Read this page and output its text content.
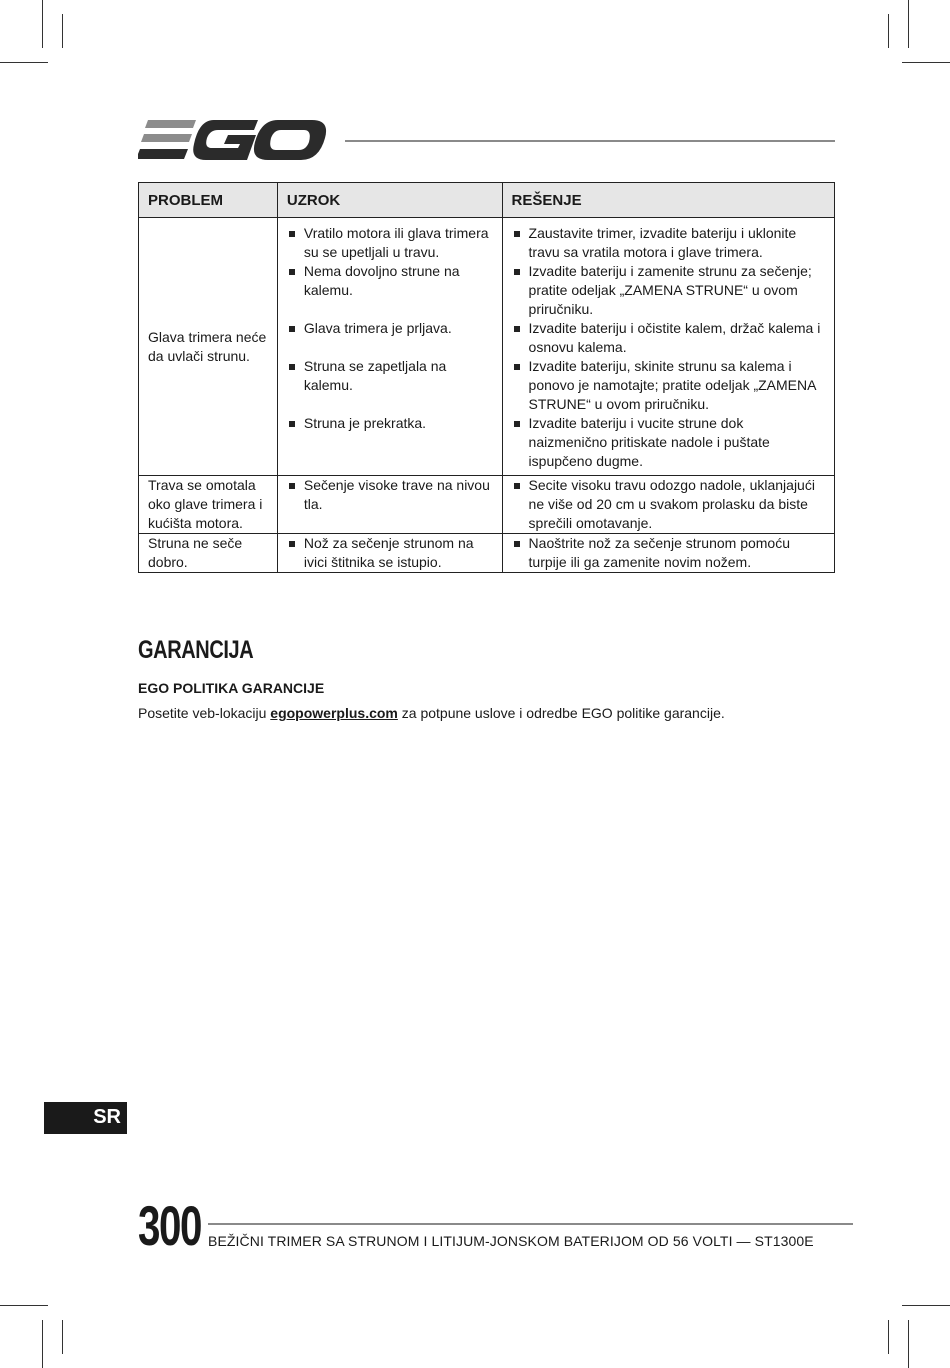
PROBLEM	UZROK	REŠENJE
Glava trimera neće da uvlači strunu.	Vratilo motora ili glava trimera su se upetljali u travu.	Zaustavite trimer, izvadite bateriju i uklonite travu sa vratila motora i glave trimera.

	Nema dovoljno strune na kalemu.	Izvadite bateriju i zamenite strunu za sečenje; pratite odeljak „ZAMENA STRUNE“ u ovom priručniku.

	Glava trimera je prljava.	Izvadite bateriju i očistite kalem, držač kalema i osnovu kalema.

	Struna se zapetljala na kalemu.	Izvadite bateriju, skinite strunu sa kalema i ponovo je namotajte; pratite odeljak „ZAMENA STRUNE“ u ovom priručniku.

	Struna je prekratka.	Izvadite bateriju i vucite strune dok naizmenično pritiskate nadole i puštate ispupčeno dugme.

Trava se omotala oko glave trimera i kućišta motora.	Sečenje visoke trave na nivou tla.	Secite visoku travu odozgo nadole, uklanjajući ne više od 20 cm u svakom prolasku da biste sprečili omotavanje.

Struna ne seče dobro.	Nož za sečenje strunom na ivici štitnika se istupio.	Naoštrite nož za sečenje strunom pomoću turpije ili ga zamenite novim nožem.
GARANCIJA
EGO POLITIKA GARANCIJE

Posetite veb-lokaciju egopowerplus.com za potpune uslove i odredbe EGO politike garancije.

SR
300 BEŽIČNI TRIMER SA STRUNOM I LITIJUM-JONSKOM BATERIJOM OD 56 VOLTI — ST1300E
